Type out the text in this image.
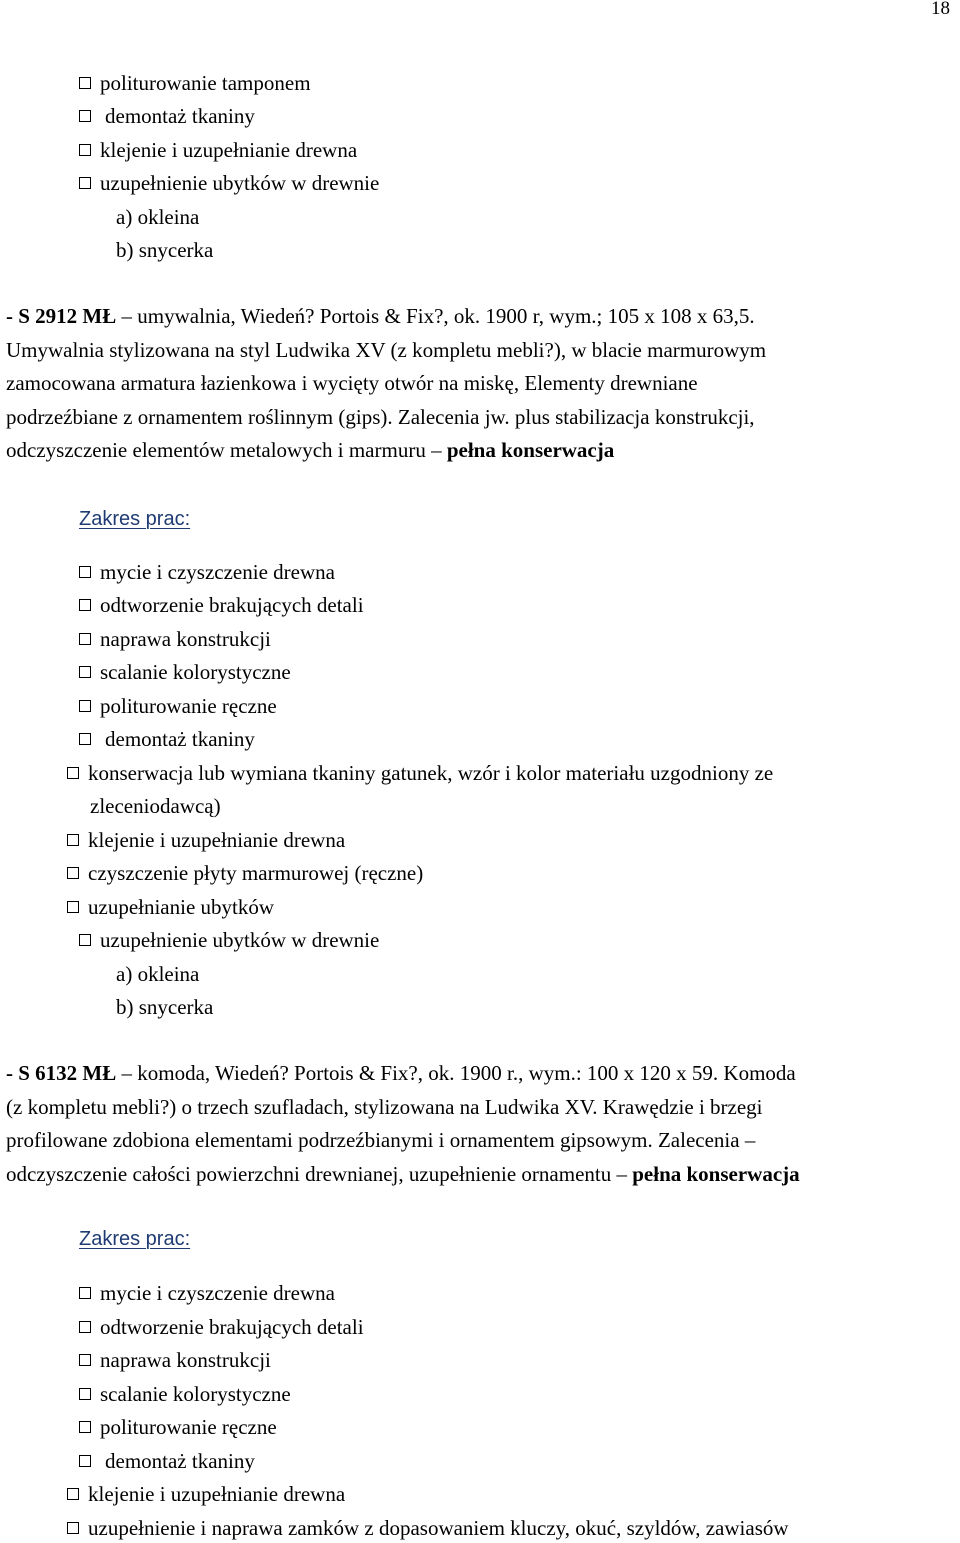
18
politurowanie tamponem
demontaż tkaniny
klejenie i uzupełnianie drewna
uzupełnienie ubytków w drewnie
a) okleina
b) snycerka
- S 2912 MŁ – umywalnia, Wiedeń? Portois & Fix?, ok. 1900 r, wym.; 105 x 108 x 63,5.
Umywalnia stylizowana na styl Ludwika XV (z kompletu mebli?), w blacie marmurowym
zamocowana armatura łazienkowa i wycięty otwór na miskę, Elementy drewniane
podrzeźbiane z ornamentem roślinnym (gips). Zalecenia jw. plus stabilizacja konstrukcji,
odczyszczenie elementów metalowych i marmuru – pełna konserwacja
Zakres prac:
mycie i czyszczenie drewna
odtworzenie brakujących detali
naprawa konstrukcji
scalanie kolorystyczne
politurowanie ręczne
demontaż tkaniny
konserwacja lub wymiana tkaniny gatunek, wzór i kolor materiału uzgodniony ze
zleceniodawcą)
klejenie i uzupełnianie drewna
czyszczenie płyty marmurowej (ręczne)
uzupełnianie ubytków
uzupełnienie ubytków w drewnie
a) okleina
b) snycerka
- S 6132 MŁ – komoda, Wiedeń? Portois & Fix?, ok. 1900 r., wym.: 100 x 120 x 59. Komoda
(z kompletu mebli?) o trzech szufladach, stylizowana na Ludwika XV. Krawędzie i brzegi
profilowane zdobiona elementami podrzeźbianymi i ornamentem gipsowym. Zalecenia –
odczyszczenie całości powierzchni drewnianej, uzupełnienie ornamentu – pełna konserwacja
Zakres prac:
mycie i czyszczenie drewna
odtworzenie brakujących detali
naprawa konstrukcji
scalanie kolorystyczne
politurowanie ręczne
demontaż tkaniny
klejenie i uzupełnianie drewna
uzupełnienie i naprawa zamków z dopasowaniem kluczy, okuć, szyldów, zawiasów
